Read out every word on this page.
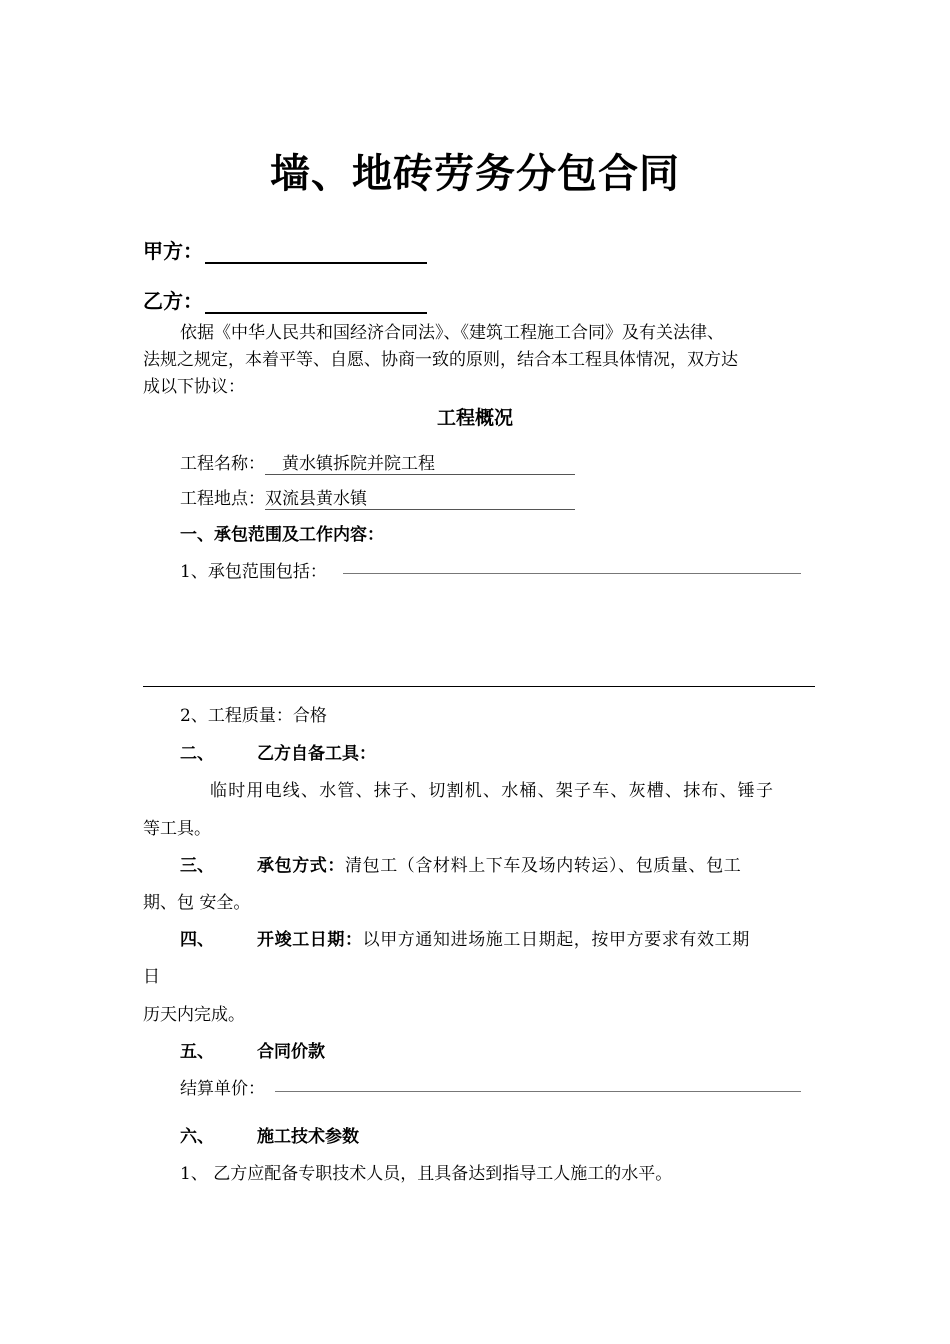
墙、地砖劳务分包合同
甲方：
乙方：
依据《中华人民共和国经济合同法》、《建筑工程施工合同》及有关法律、
法规之规定，本着平等、自愿、协商一致的原则，结合本工程具体情况，双方达
成以下协议：
工程概况
工程名称： 黄水镇拆院并院工程
工程地点：双流县黄水镇
一、承包范围及工作内容：
1、承包范围包括：
2、工程质量：合格
二、	乙方自备工具：
临时用电线、水管、抹子、切割机、水桶、架子车、灰槽、抹布、锤子
等工具。
三、	承包方式：清包工（含材料上下车及场内转运）、包质量、包工
期、包 安全。
四、	开竣工日期：以甲方通知进场施工日期起，按甲方要求有效工期
日
历天内完成。
五、	合同价款
结算单价：
六、	施工技术参数
1、 乙方应配备专职技术人员，且具备达到指导工人施工的水平。
